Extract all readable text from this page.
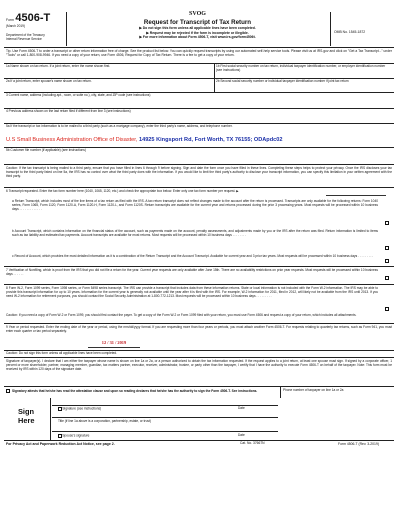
Form 4506-T
(March 2019)
Department of the Treasury
Internal Revenue Service
SVOG
Request for Transcript of Tax Return
▶ Do not sign this form unless all applicable lines have been completed.
▶ Request may be rejected if the form is incomplete or illegible.
▶ For more information about Form 4506-T, visit www.irs.gov/form4506t.
OMB No. 1545-1872
Tip. Use Form 4506-T to order a transcript or other return information free of charge. See the product list below. You can quickly request transcripts by using our automated self-help service tools. Please visit us at IRS.gov and click on "Get a Tax Transcript..." under "Tools" or call 1-800-908-9946. If you need a copy of your return, use Form 4506, Request for Copy of Tax Return. There is a fee to get a copy of your return.
1a Name shown on tax return. If a joint return, enter the name shown first.	1b First social security number on tax return, individual taxpayer identification number, or employer identification number (see instructions)
2a If a joint return, enter spouse's name shown on tax return.	2b Second social security number or individual taxpayer identification number if joint tax return
3 Current name, address (including apt., room, or suite no.), city, state, and ZIP code (see instructions)
4 Previous address shown on the last return filed if different from line 3 (see instructions)
5a If the transcript or tax information is to be mailed to a third party (such as a mortgage company), enter the third party's name, address, and telephone number.
U.S Small Business Administration Office of Disaster, 14925 Kingsport Rd, Fort Worth, TX 76155; ODApdc02
5b Customer file number (if applicable) (see instructions)
Caution: If the tax transcript is being mailed to a third party, ensure that you have filled in lines 6 through 9 before signing. Sign and date the form once you have filled in these lines. Completing these steps helps to protect your privacy. Once the IRS discloses your tax transcript to the third party listed on line 5a, the IRS has no control over what the third party does with the information. If you would like to limit the third party's authority to disclose your transcript information, you can specify this limitation in your written agreement with the third party.
6 Transcript requested. Enter the tax form number here (1040, 1065, 1120, etc.) and check the appropriate box below. Enter only one tax form number per request. ▶
a Return Transcript, which includes most of the line items of a tax return as filed with the IRS. A tax return transcript does not reflect changes made to the account after the return is processed. Transcripts are only available for the following returns: Form 1040 series, Form 1065, Form 1120, Form 1120-A, Form 1120-H, Form 1120-L, and Form 1120S. Return transcripts are available for the current year and returns processed during the prior 3 processing years. Most requests will be processed within 10 business days . . . . . . . . . . . . .
b Account Transcript, which contains information on the financial status of the account, such as payments made on the account, penalty assessments, and adjustments made by you or the IRS after the return was filed. Return information is limited to items such as tax liability and estimated tax payments. Account transcripts are available for most returns. Most requests will be processed within 10 business days . . . . . . . .
c Record of Account, which provides the most detailed information as it is a combination of the Return Transcript and the Account Transcript. Available for current year and 3 prior tax years. Most requests will be processed within 10 business days . . . . . . . . .
7 Verification of Nonfiling, which is proof from the IRS that you did not file a return for the year. Current year requests are only available after June 15th. There are no availability restrictions on prior year requests. Most requests will be processed within 10 business days . . . . . .
8 Form W-2, Form 1099 series, Form 1098 series, or Form 5498 series transcript. The IRS can provide a transcript that includes data from these information returns. State or local information is not included with the Form W-2 information. The IRS may be able to provide this transcript information for up to 10 years. Information for the current year is generally not available until the year after it is filed with the IRS. For example, W-2 information for 2011, filed in 2012, will likely not be available from the IRS until 2013. If you need W-2 information for retirement purposes, you should contact the Social Security Administration at 1-800-772-1213. Most requests will be processed within 10 business days . . . . . . . . .
Caution: If you need a copy of Form W-2 or Form 1099, you should first contact the payer. To get a copy of the Form W-2 or Form 1099 filed with your return, you must use Form 4506 and request a copy of your return, which includes all attachments.
9 Year or period requested. Enter the ending date of the year or period, using the mm/dd/yyyy format. If you are requesting more than four years or periods, you must attach another Form 4506-T. For requests relating to quarterly tax returns, such as Form 941, you must enter each quarter or tax period separately.
12 / 31 / 2019
Caution: Do not sign this form unless all applicable lines have been completed.
Signature of taxpayer(s). I declare that I am either the taxpayer whose name is shown on line 1a or 2a, or a person authorized to obtain the tax information requested. If the request applies to a joint return, at least one spouse must sign. If signed by a corporate officer, 1 percent or more shareholder, partner, managing member, guardian, tax matters partner, executor, receiver, administrator, trustee, or party other than the taxpayer, I certify that I have the authority to execute Form 4506-T on behalf of the taxpayer. Note: This form must be received by IRS within 120 days of the signature date.
Signatory attests that he/she has read the attestation clause and upon so reading declares that he/she has the authority to sign the Form 4506-T. See instructions.	Phone number of taxpayer on line 1a or 2a
Sign
Here
Signature (see instructions)	Date
Title (if line 1a above is a corporation, partnership, estate, or trust)
Spouse's signature	Date
For Privacy Act and Paperwork Reduction Act Notice, see page 2.	Cat. No. 37667N	Form 4506-T (Rev. 3-2019)
